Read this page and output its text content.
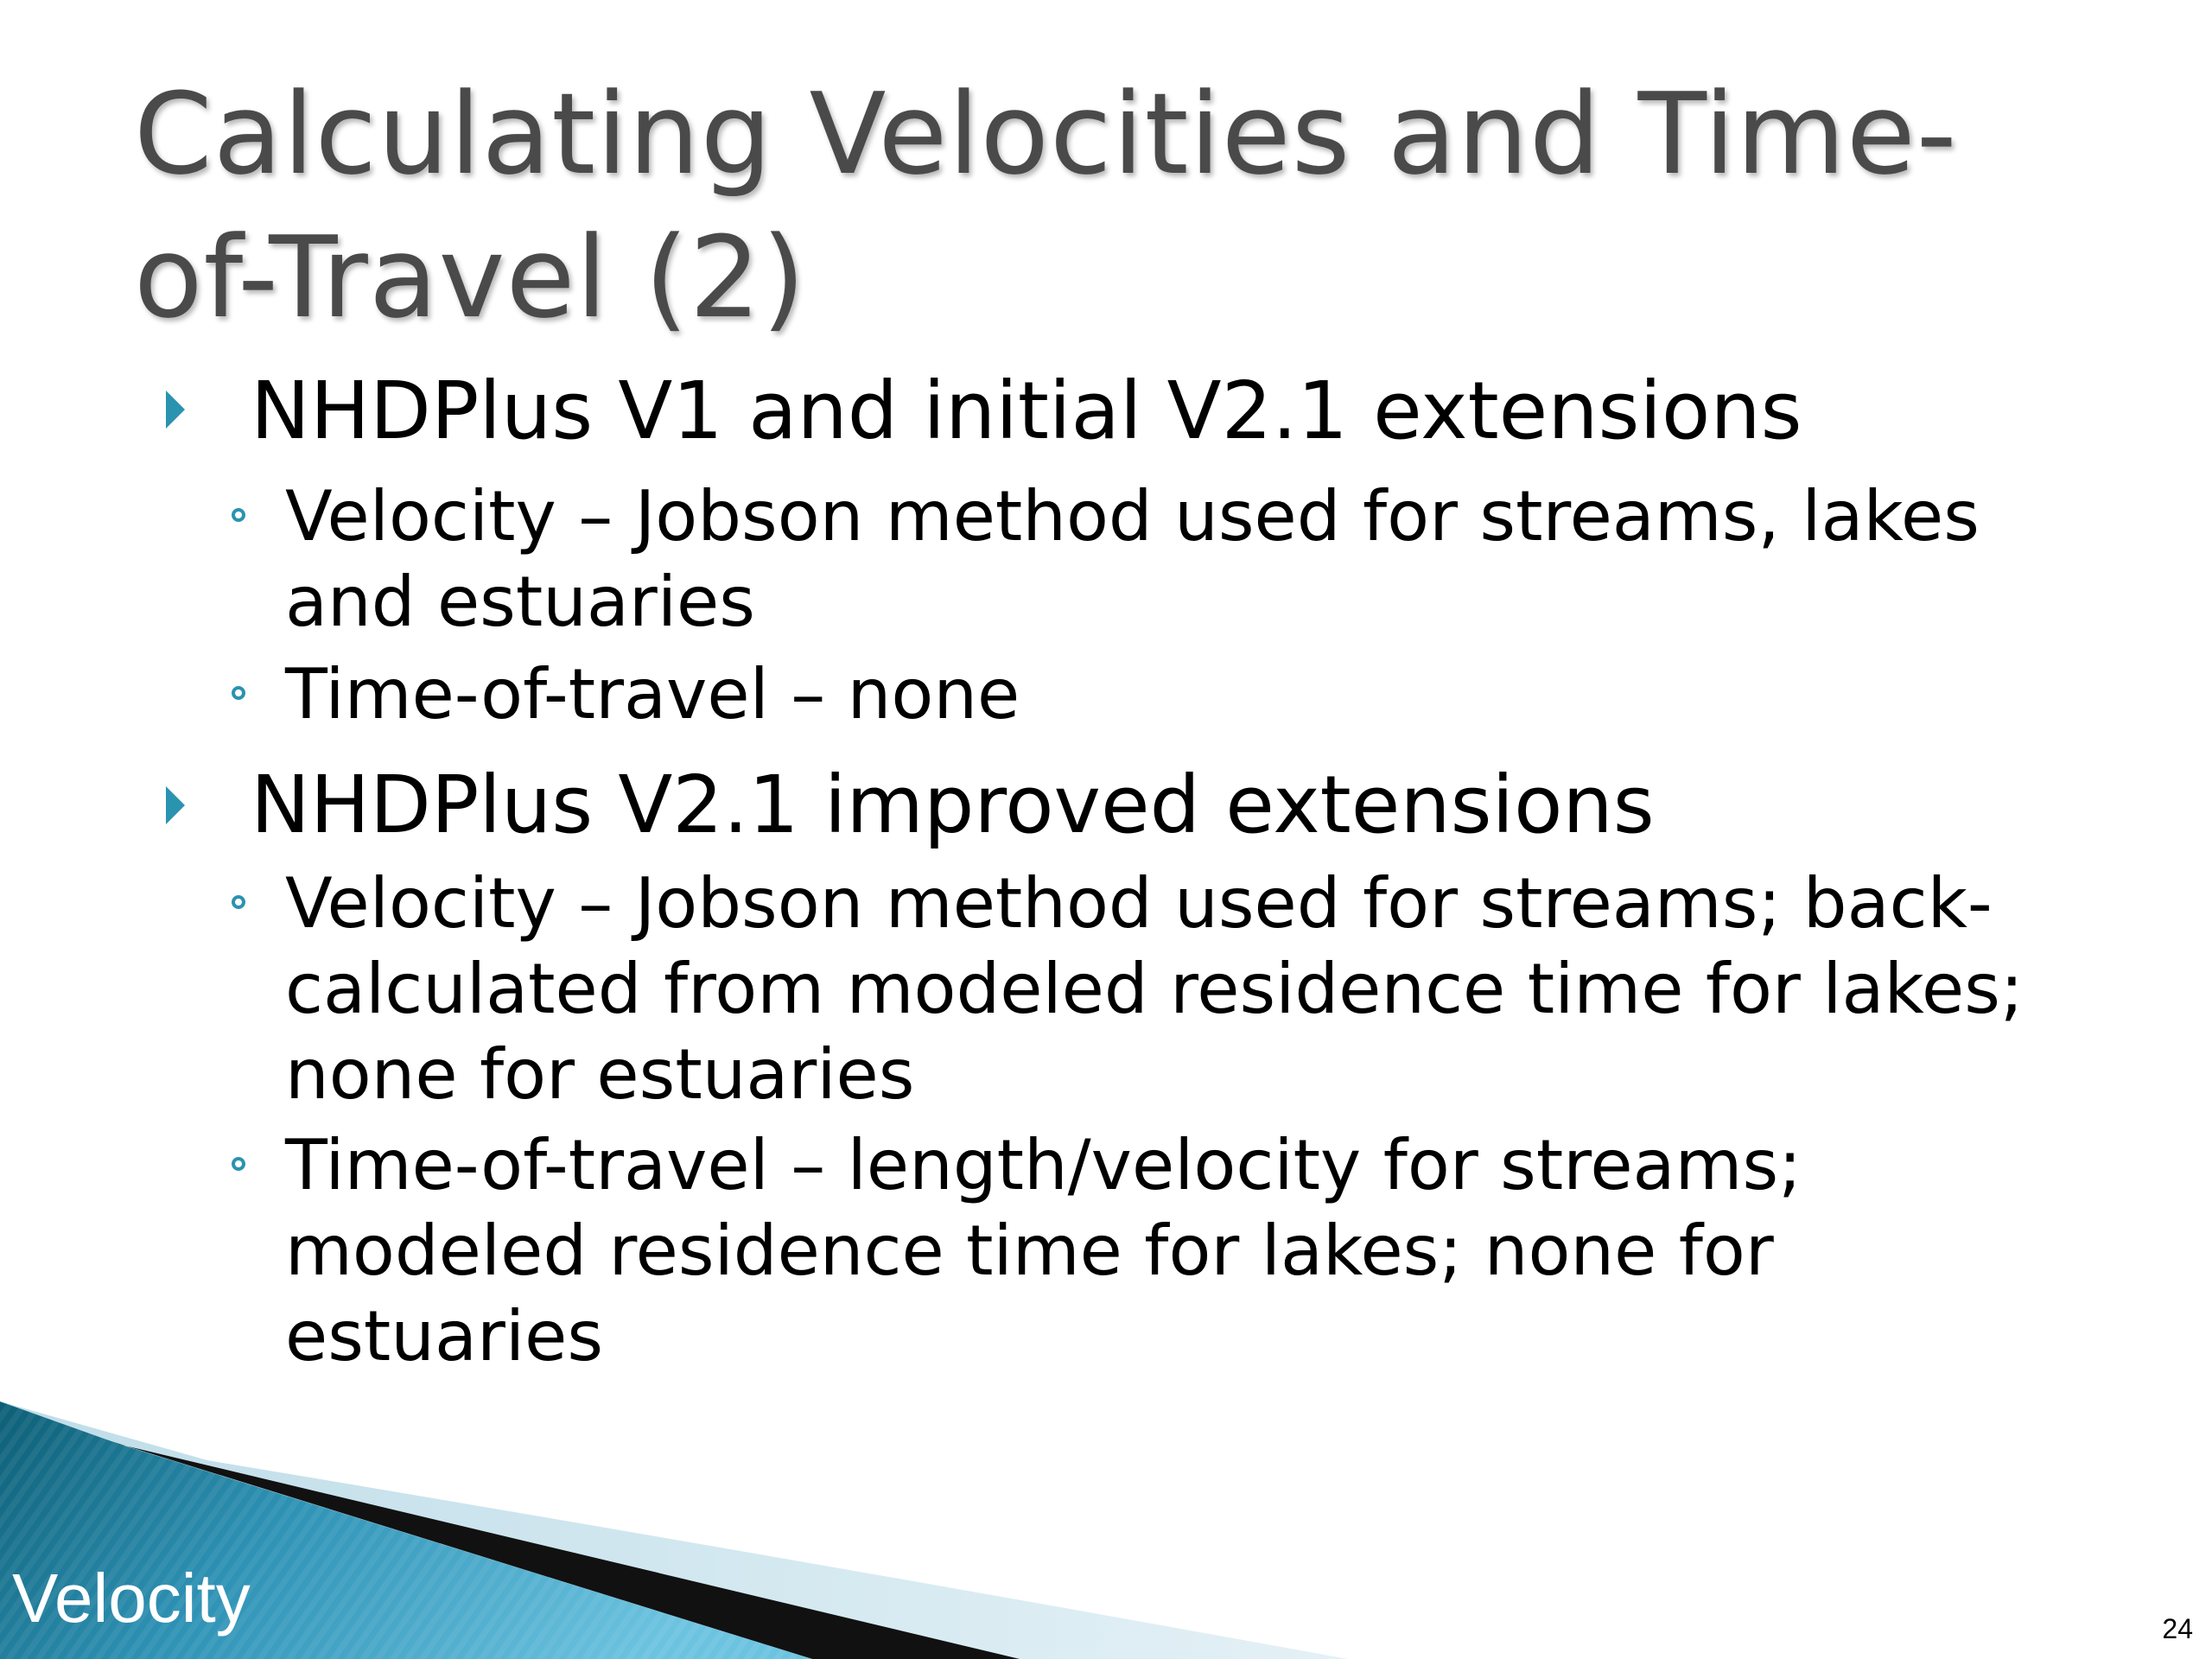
Calculating Velocities and Time-of-Travel (2)
NHDPlus V1 and initial V2.1 extensions
Velocity – Jobson method used for streams, lakes and estuaries
Time-of-travel – none
NHDPlus V2.1 improved extensions
Velocity – Jobson method used for streams; back-calculated from modeled residence time for lakes; none for estuaries
Time-of-travel – length/velocity for streams; modeled residence time for lakes; none for estuaries
Velocity	24
